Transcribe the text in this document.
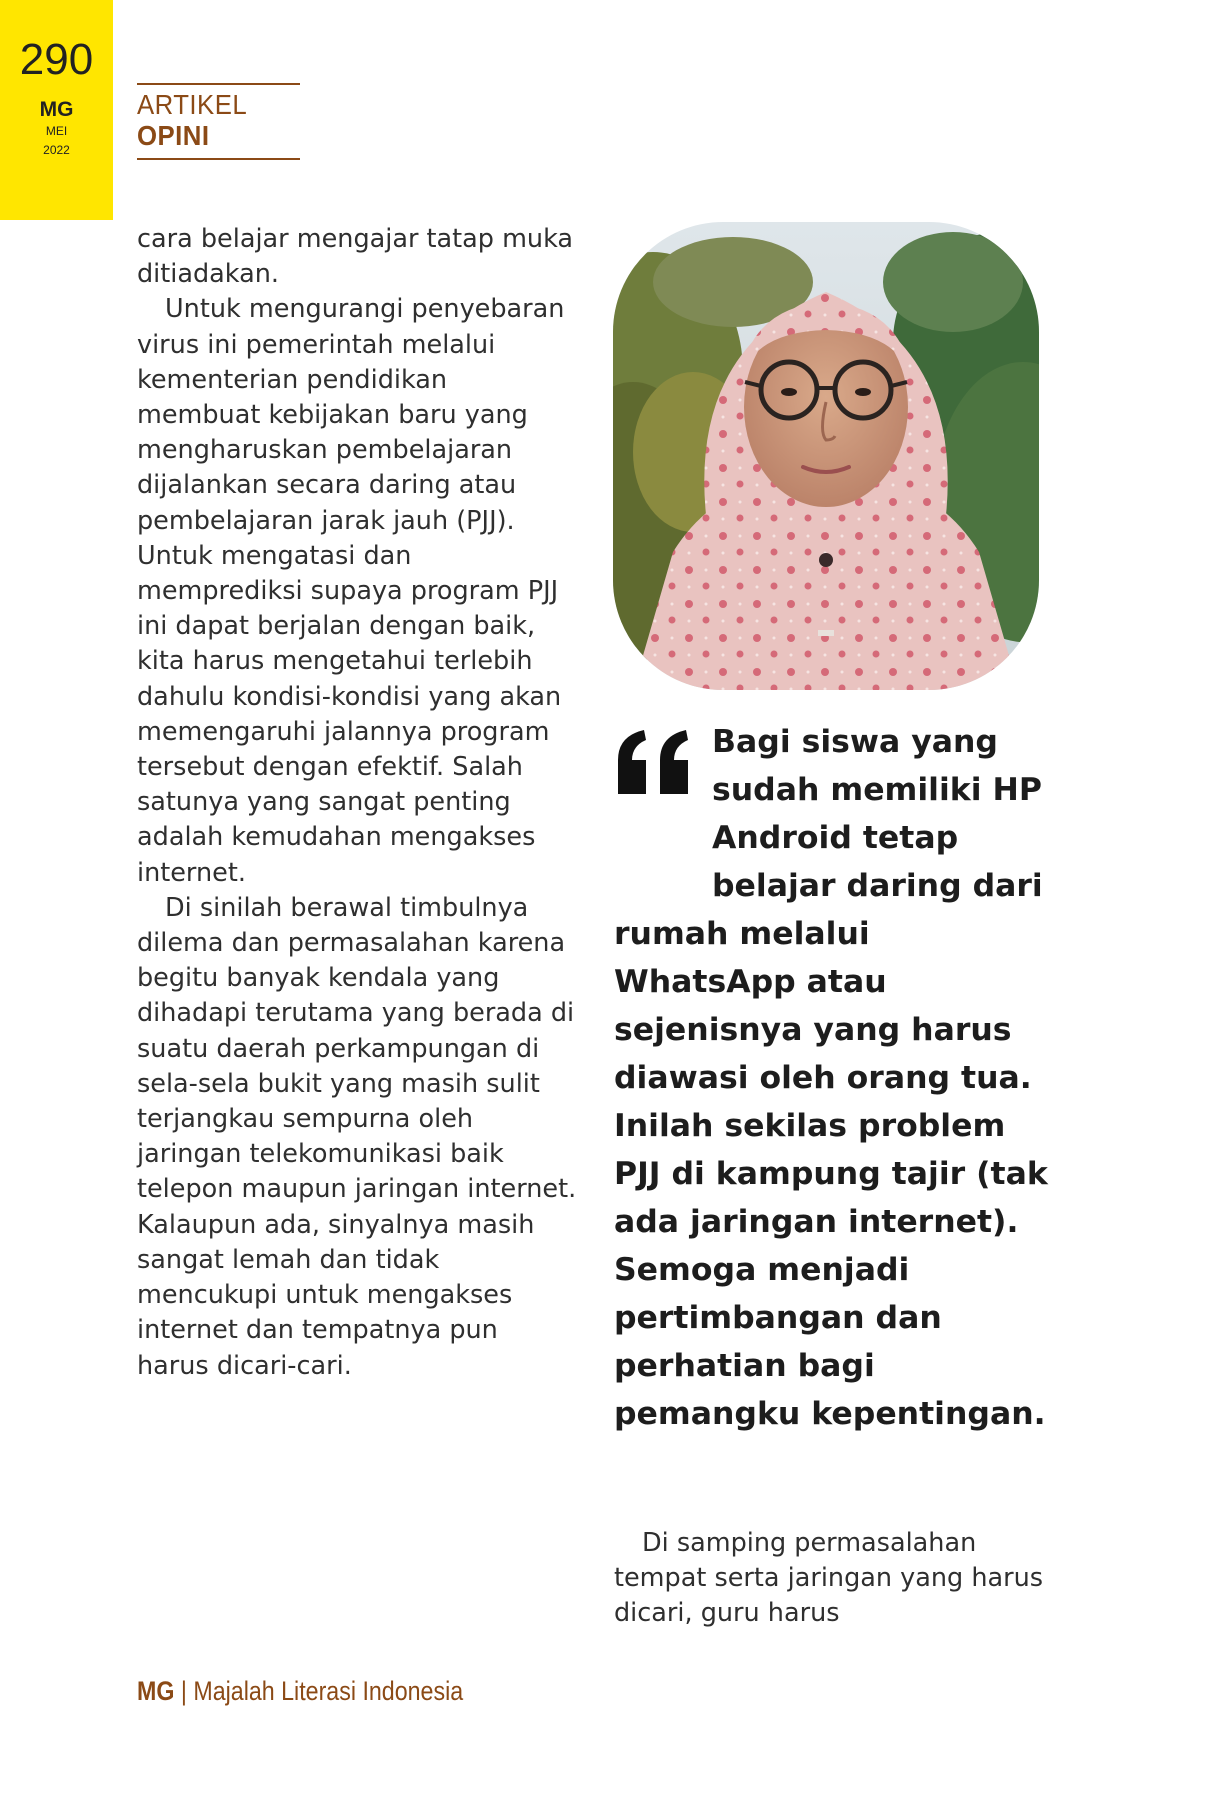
290
MG
MEI
2022
ARTIKEL
OPINI

cara belajar mengajar tatap muka ditiadakan.

Untuk mengurangi penyebaran virus ini pemerintah melalui kementerian pendidikan membuat kebijakan baru yang mengharuskan pembelajaran dijalankan secara daring atau pembelajaran jarak jauh (PJJ). Untuk mengatasi dan memprediksi supaya program PJJ ini dapat berjalan dengan baik, kita harus mengetahui terlebih dahulu kondisi-kondisi yang akan memengaruhi jalannya program tersebut dengan efektif. Salah satunya yang sangat penting adalah kemudahan mengakses internet.

Di sinilah berawal timbulnya dilema dan permasalahan karena begitu banyak kendala yang dihadapi terutama yang berada di suatu daerah perkampungan di sela-sela bukit yang masih sulit terjangkau sempurna oleh jaringan telekomunikasi baik telepon maupun jaringan internet. Kalaupun ada, sinyalnya masih sangat lemah dan tidak mencukupi untuk mengakses internet dan tempatnya pun harus dicari-cari.

Bagi siswa yang sudah memiliki HP Android tetap belajar daring dari rumah melalui WhatsApp atau sejenisnya yang harus diawasi oleh orang tua. Inilah sekilas problem PJJ di kampung tajir (tak ada jaringan internet). Semoga menjadi pertimbangan dan perhatian bagi pemangku kepentingan.

Di samping permasalahan tempat serta jaringan yang harus dicari, guru harus

MG | Majalah Literasi Indonesia
